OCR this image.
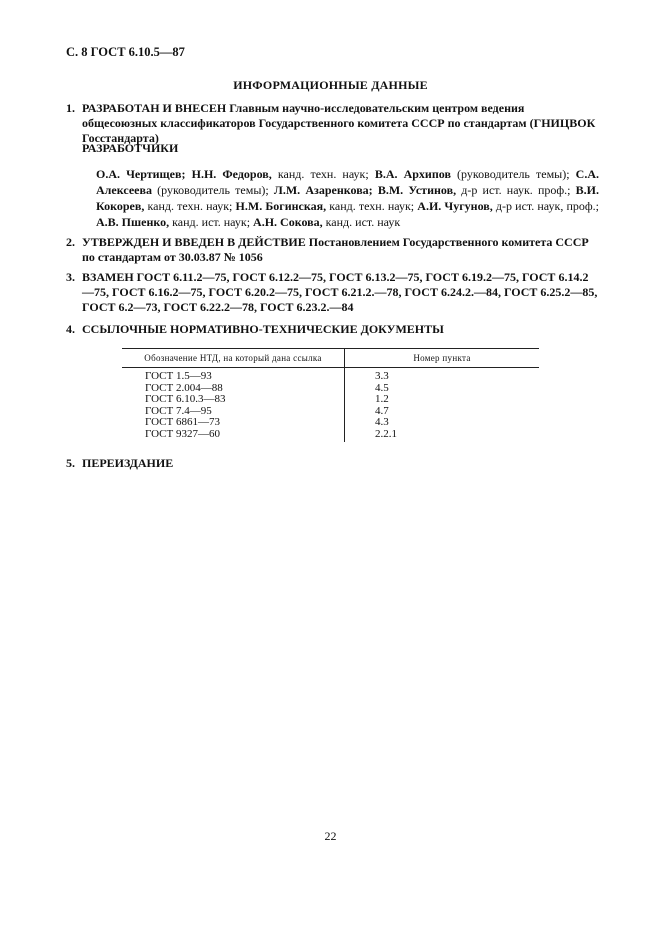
С. 8 ГОСТ 6.10.5—87
ИНФОРМАЦИОННЫЕ ДАННЫЕ
1. РАЗРАБОТАН И ВНЕСЕН Главным научно-исследовательским центром ведения общесоюзных классификаторов Государственного комитета СССР по стандартам (ГНИЦВОК Госстандарта)
РАЗРАБОТЧИКИ
О.А. Чертищев; Н.Н. Федоров, канд. техн. наук; В.А. Архипов (руководитель темы); С.А. Алексеева (руководитель темы); Л.М. Азаренкова; В.М. Устинов, д-р ист. наук. проф.; В.И. Кокорев, канд. техн. наук; Н.М. Богинская, канд. техн. наук; А.И. Чугунов, д-р ист. наук, проф.; А.В. Пшенко, канд. ист. наук; А.Н. Сокова, канд. ист. наук
2. УТВЕРЖДЕН И ВВЕДЕН В ДЕЙСТВИЕ Постановлением Государственного комитета СССР по стандартам от 30.03.87 № 1056
3. ВЗАМЕН ГОСТ 6.11.2—75, ГОСТ 6.12.2—75, ГОСТ 6.13.2—75, ГОСТ 6.19.2—75, ГОСТ 6.14.2—75, ГОСТ 6.16.2—75, ГОСТ 6.20.2—75, ГОСТ 6.21.2.—78, ГОСТ 6.24.2.—84, ГОСТ 6.25.2—85, ГОСТ 6.2—73, ГОСТ 6.22.2—78, ГОСТ 6.23.2.—84
4. ССЫЛОЧНЫЕ НОРМАТИВНО-ТЕХНИЧЕСКИЕ ДОКУМЕНТЫ
Обозначение НТД, на который дана ссылка	Номер пункта
ГОСТ 1.5—93	3.3
ГОСТ 2.004—88	4.5
ГОСТ 6.10.3—83	1.2
ГОСТ 7.4—95	4.7
ГОСТ 6861—73	4.3
ГОСТ 9327—60	2.2.1
5. ПЕРЕИЗДАНИЕ
22
